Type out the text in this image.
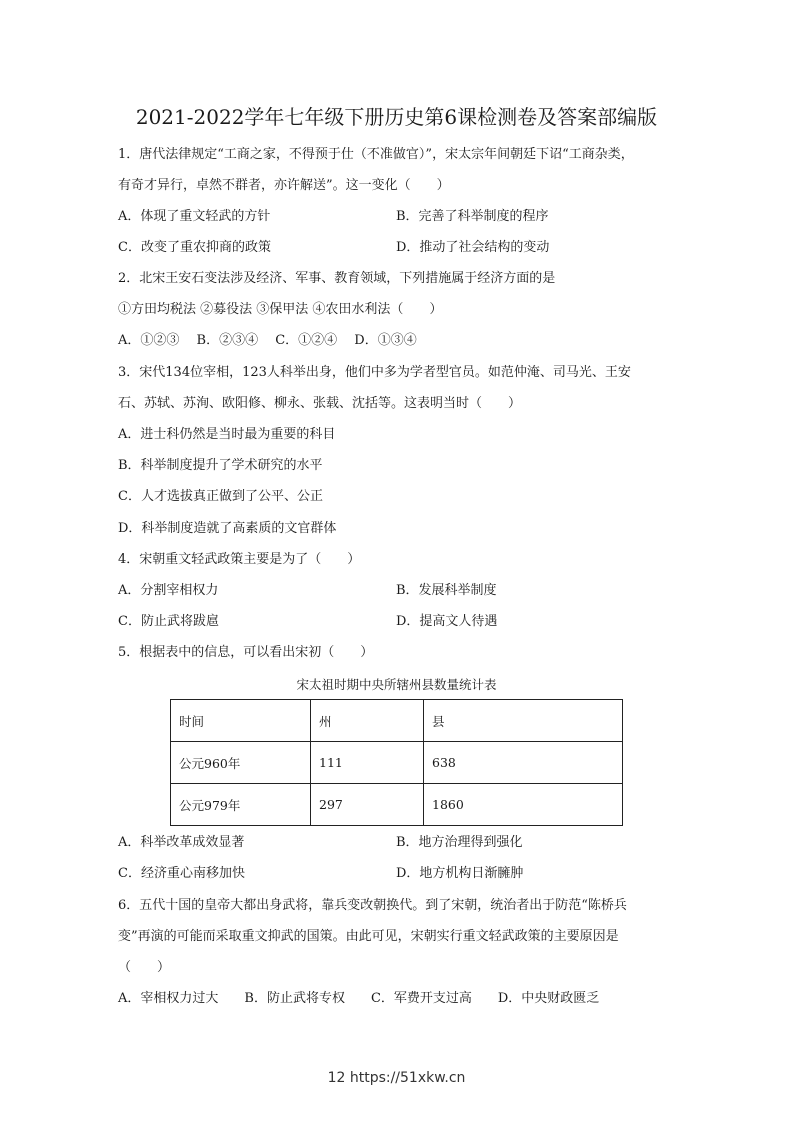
2021-2022学年七年级下册历史第6课检测卷及答案部编版
1．唐代法律规定“工商之家，不得预于仕（不准做官）”，宋太宗年间朝廷下诏“工商杂类，
有奇才异行，卓然不群者，亦许解送”。这一变化（　　）
A．体现了重文轻武的方针	B．完善了科举制度的程序
C．改变了重农抑商的政策	D．推动了社会结构的变动
2．北宋王安石变法涉及经济、军事、教育领域，下列措施属于经济方面的是
①方田均税法 ②募役法 ③保甲法 ④农田水利法（　　）
A．①②③　 B．②③④　 C．①②④　 D．①③④
3．宋代134位宰相，123人科举出身，他们中多为学者型官员。如范仲淹、司马光、王安
石、苏轼、苏洵、欧阳修、柳永、张载、沈括等。这表明当时（　　）
A．进士科仍然是当时最为重要的科目
B．科举制度提升了学术研究的水平
C．人才选拔真正做到了公平、公正
D．科举制度造就了高素质的文官群体
4．宋朝重文轻武政策主要是为了（　　）
A．分割宰相权力	B．发展科举制度
C．防止武将跋扈	D．提高文人待遇
5．根据表中的信息，可以看出宋初（　　）
宋太祖时期中央所辖州县数量统计表
时间	州	县
公元960年	111	638
公元979年	297	1860
A．科举改革成效显著	B．地方治理得到强化
C．经济重心南移加快	D．地方机构日渐臃肿
6．五代十国的皇帝大都出身武将，靠兵变改朝换代。到了宋朝，统治者出于防范“陈桥兵
变”再演的可能而采取重文抑武的国策。由此可见，宋朝实行重文轻武政策的主要原因是
（　　）
A．宰相权力过大　　B．防止武将专权　　C．军费开支过高　　D．中央财政匮乏
12 https://51xkw.cn
